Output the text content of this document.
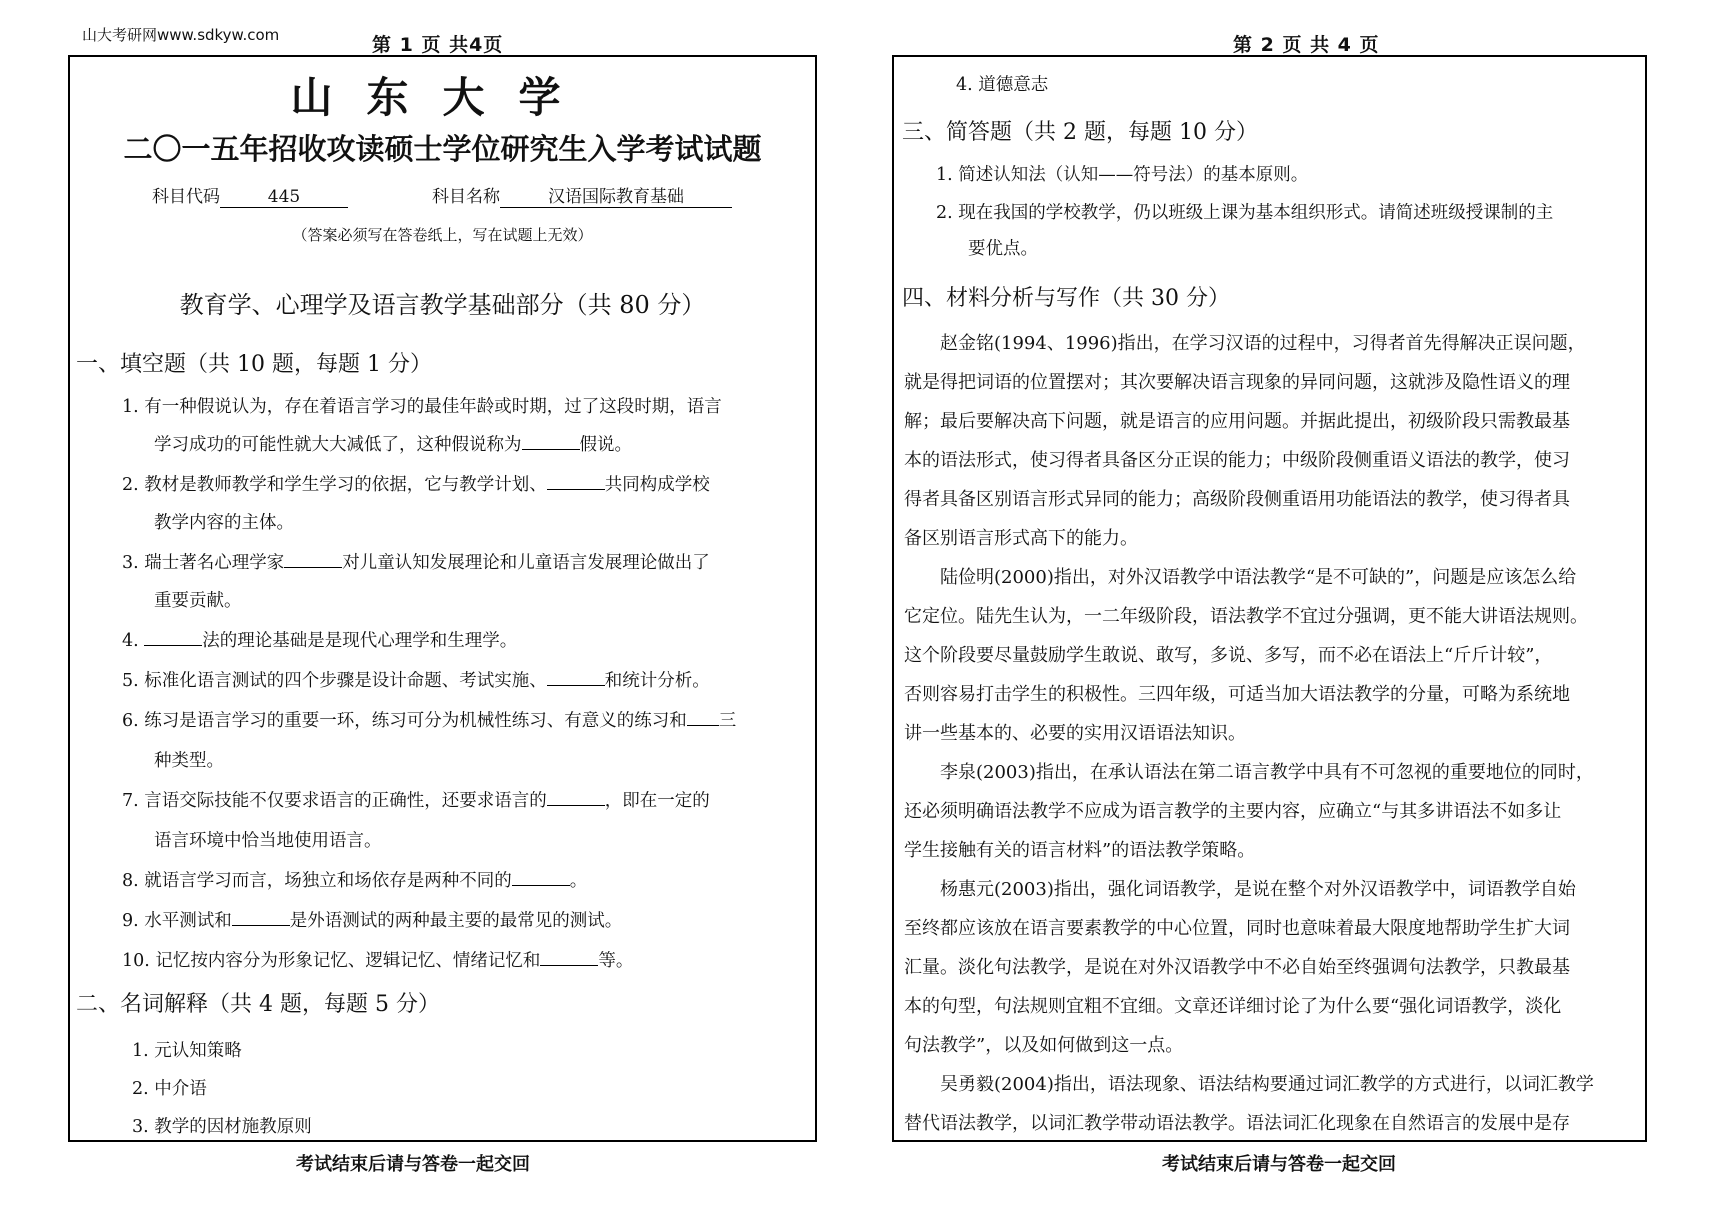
山大考研网www.sdkyw.com	第 1 页 共4页	第 2 页 共 4 页
山东大学
二〇一五年招收攻读硕士学位研究生入学考试试题
科目代码	445	科目名称	汉语国际教育基础
（答案必须写在答卷纸上，写在试题上无效）
教育学、心理学及语言教学基础部分（共 80 分）
一、填空题（共 10 题，每题 1 分）
1. 有一种假说认为，存在着语言学习的最佳年龄或时期，过了这段时期，语言
学习成功的可能性就大大减低了，这种假说称为	假说。
2. 教材是教师教学和学生学习的依据，它与教学计划、	共同构成学校
教学内容的主体。
3. 瑞士著名心理学家	对儿童认知发展理论和儿童语言发展理论做出了
重要贡献。
4.	法的理论基础是是现代心理学和生理学。
5. 标准化语言测试的四个步骤是设计命题、考试实施、	和统计分析。
6. 练习是语言学习的重要一环，练习可分为机械性练习、有意义的练习和 三
种类型。
7. 言语交际技能不仅要求语言的正确性，还要求语言的	，即在一定的
语言环境中恰当地使用语言。
8. 就语言学习而言，场独立和场依存是两种不同的	。
9. 水平测试和	是外语测试的两种最主要的最常见的测试。
10. 记忆按内容分为形象记忆、逻辑记忆、情绪记忆和	等。
二、名词解释（共 4 题，每题 5 分）
1. 元认知策略
2. 中介语
3. 教学的因材施教原则
考试结束后请与答卷一起交回
4. 道德意志
三、简答题（共 2 题，每题 10 分）
1. 简述认知法（认知——符号法）的基本原则。
2. 现在我国的学校教学，仍以班级上课为基本组织形式。请简述班级授课制的主
要优点。
四、材料分析与写作（共 30 分）
赵金铭(1994、1996)指出，在学习汉语的过程中，习得者首先得解决正误问题，
就是得把词语的位置摆对；其次要解决语言现象的异同问题，这就涉及隐性语义的理
解；最后要解决高下问题，就是语言的应用问题。并据此提出，初级阶段只需教最基
本的语法形式，使习得者具备区分正误的能力；中级阶段侧重语义语法的教学，使习
得者具备区别语言形式异同的能力；高级阶段侧重语用功能语法的教学，使习得者具
备区别语言形式高下的能力。
陆俭明(2000)指出，对外汉语教学中语法教学“是不可缺的”，问题是应该怎么给
它定位。陆先生认为，一二年级阶段，语法教学不宜过分强调，更不能大讲语法规则。
这个阶段要尽量鼓励学生敢说、敢写，多说、多写，而不必在语法上“斤斤计较”，
否则容易打击学生的积极性。三四年级，可适当加大语法教学的分量，可略为系统地
讲一些基本的、必要的实用汉语语法知识。
李泉(2003)指出，在承认语法在第二语言教学中具有不可忽视的重要地位的同时，
还必须明确语法教学不应成为语言教学的主要内容，应确立“与其多讲语法不如多让
学生接触有关的语言材料”的语法教学策略。
杨惠元(2003)指出，强化词语教学，是说在整个对外汉语教学中，词语教学自始
至终都应该放在语言要素教学的中心位置，同时也意味着最大限度地帮助学生扩大词
汇量。淡化句法教学，是说在对外汉语教学中不必自始至终强调句法教学，只教最基
本的句型，句法规则宜粗不宜细。文章还详细讨论了为什么要“强化词语教学，淡化
句法教学”，以及如何做到这一点。
吴勇毅(2004)指出，语法现象、语法结构要通过词汇教学的方式进行，以词汇教学
替代语法教学，以词汇教学带动语法教学。语法词汇化现象在自然语言的发展中是存
考试结束后请与答卷一起交回
